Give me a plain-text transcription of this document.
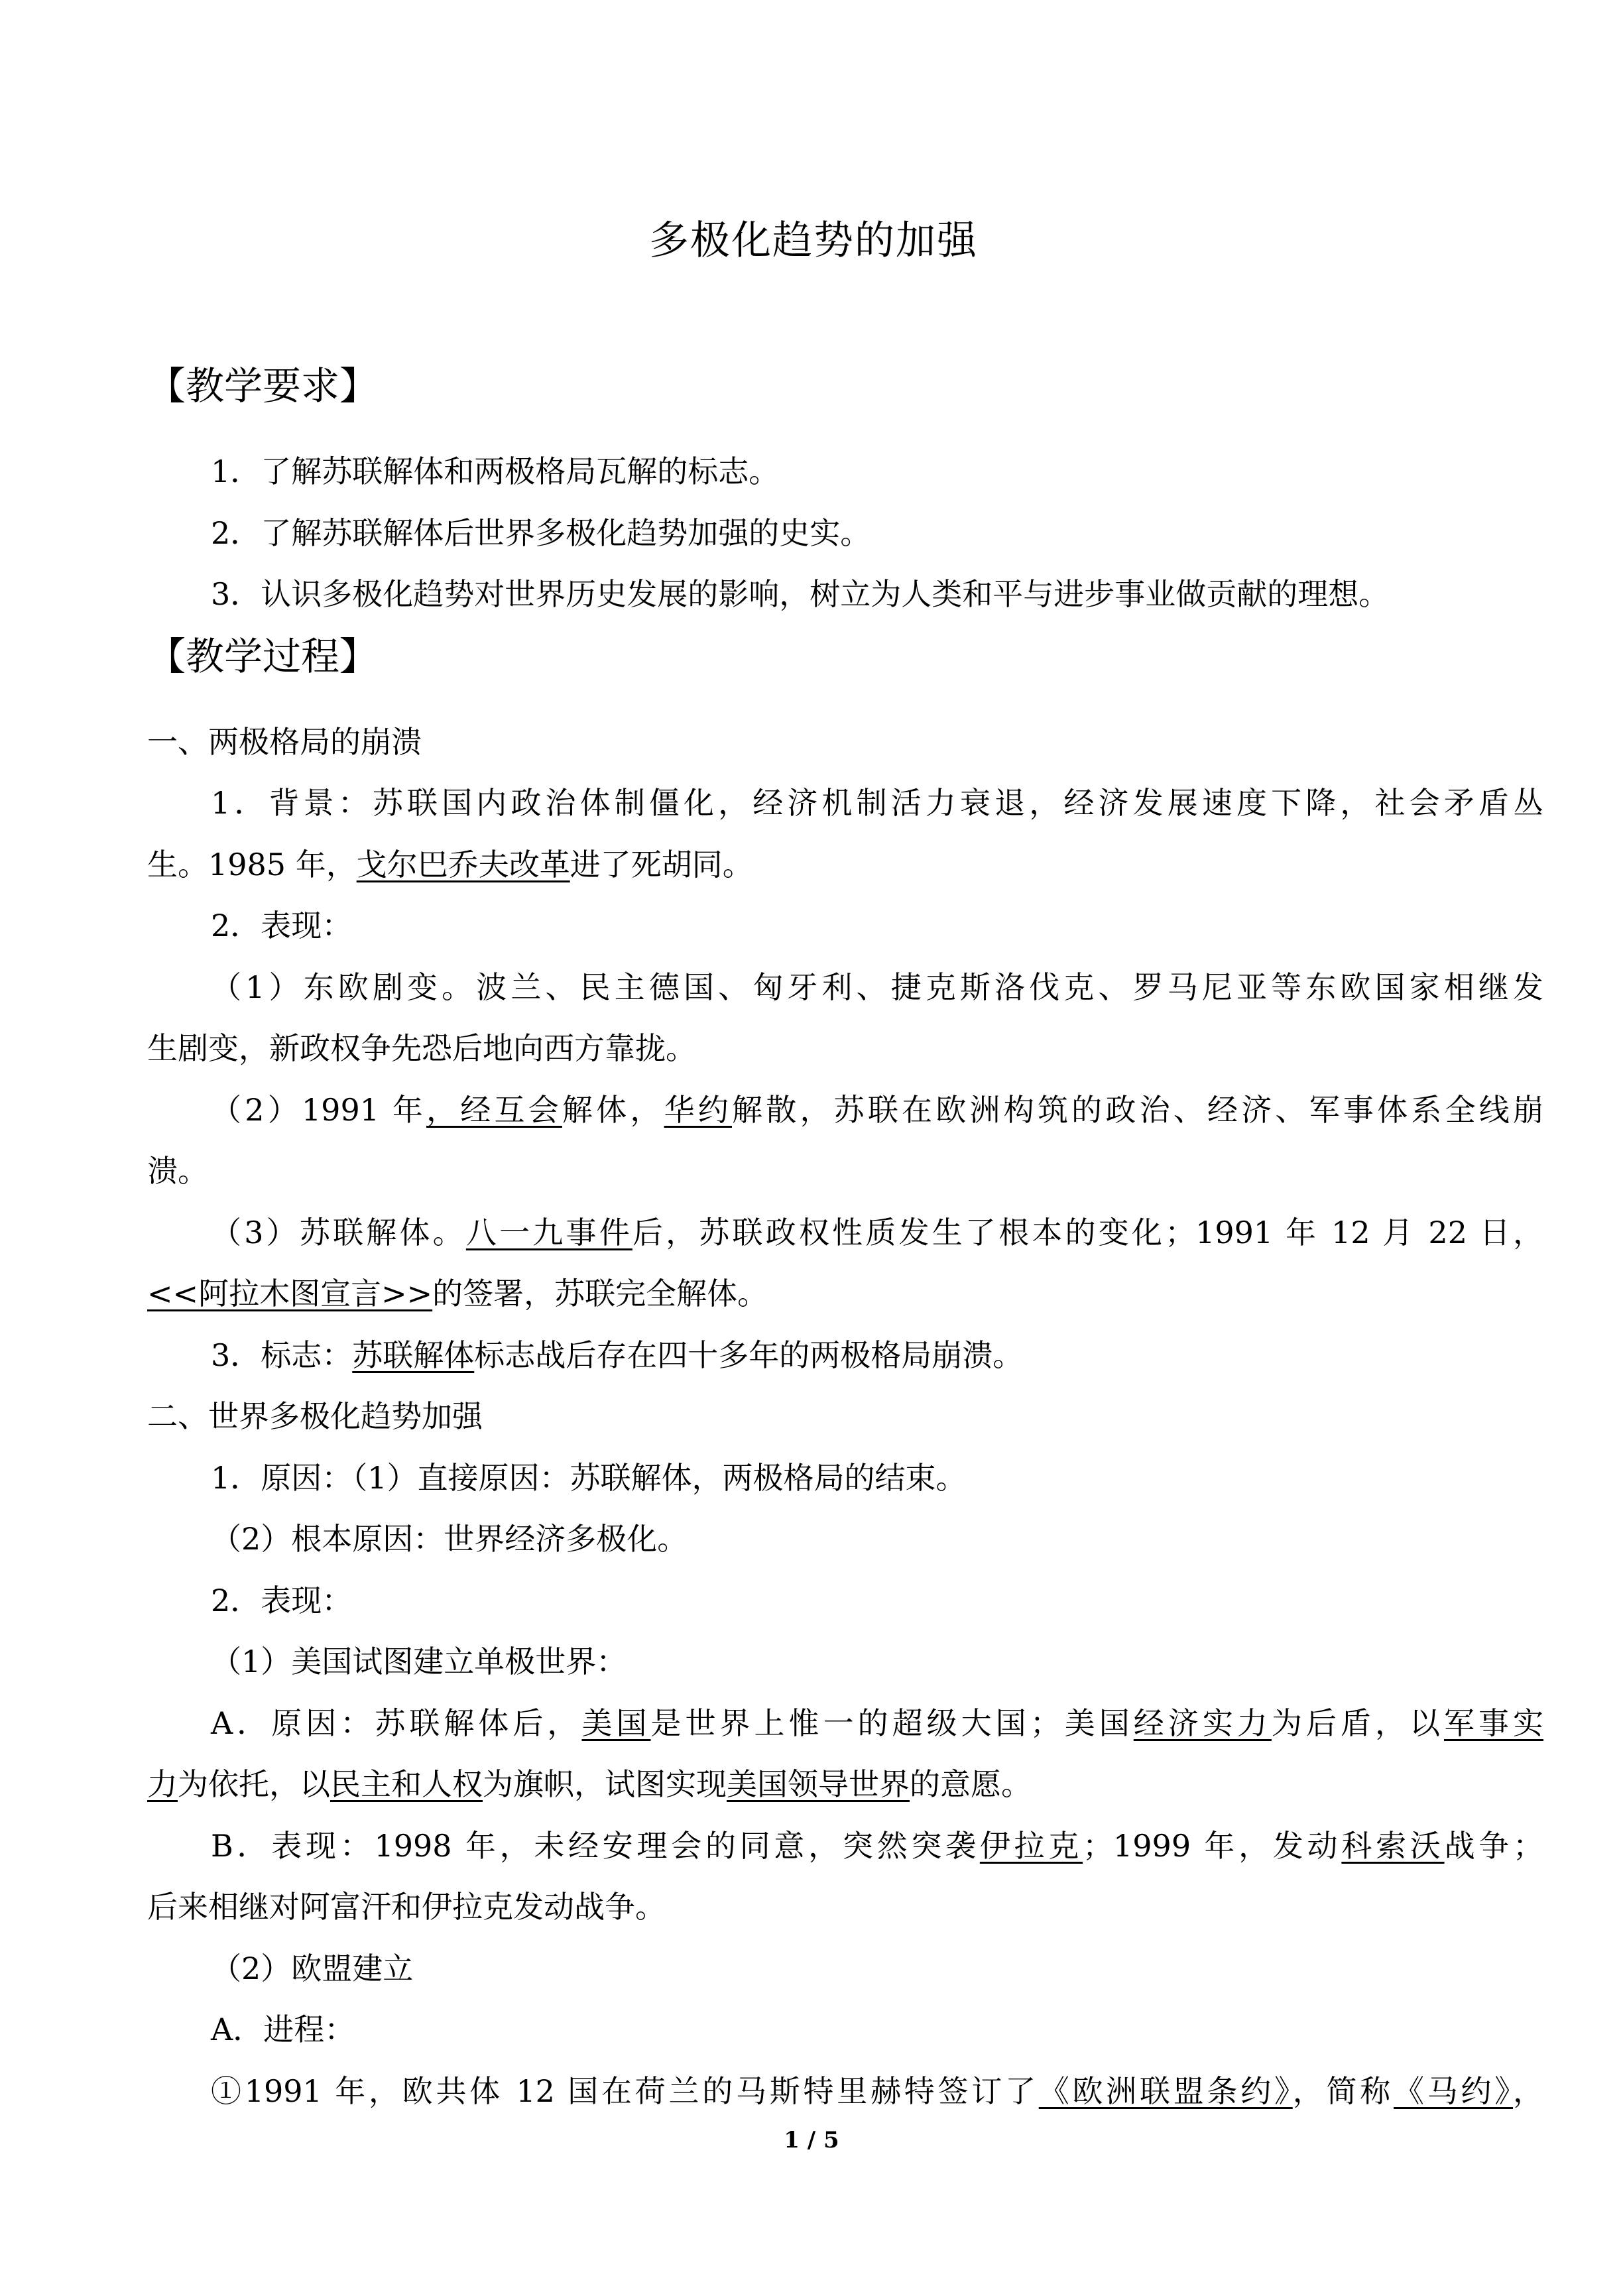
多极化趋势的加强
【教学要求】
1．了解苏联解体和两极格局瓦解的标志。
2．了解苏联解体后世界多极化趋势加强的史实。
3．认识多极化趋势对世界历史发展的影响，树立为人类和平与进步事业做贡献的理想。
【教学过程】
一、两极格局的崩溃
1．背景：苏联国内政治体制僵化，经济机制活力衰退，经济发展速度下降，社会矛盾丛
生。1985 年，戈尔巴乔夫改革进了死胡同。
2．表现：
（1）东欧剧变。波兰、民主德国、匈牙利、捷克斯洛伐克、罗马尼亚等东欧国家相继发
生剧变，新政权争先恐后地向西方靠拢。
（2）1991 年，经互会解体，华约解散，苏联在欧洲构筑的政治、经济、军事体系全线崩
溃。
（3）苏联解体。八一九事件后，苏联政权性质发生了根本的变化；1991 年 12 月 22 日，
<<阿拉木图宣言>>的签署，苏联完全解体。
3．标志：苏联解体标志战后存在四十多年的两极格局崩溃。
二、世界多极化趋势加强
1．原因：（1）直接原因：苏联解体，两极格局的结束。
（2）根本原因：世界经济多极化。
2．表现：
（1）美国试图建立单极世界：
A．原因：苏联解体后，美国是世界上惟一的超级大国；美国经济实力为后盾，以军事实
力为依托，以民主和人权为旗帜，试图实现美国领导世界的意愿。
B．表现：1998 年，未经安理会的同意，突然突袭伊拉克；1999 年，发动科索沃战争；
后来相继对阿富汗和伊拉克发动战争。
（2）欧盟建立
A．进程：
①1991 年，欧共体 12 国在荷兰的马斯特里赫特签订了《欧洲联盟条约》，简称《马约》，
1 / 5
